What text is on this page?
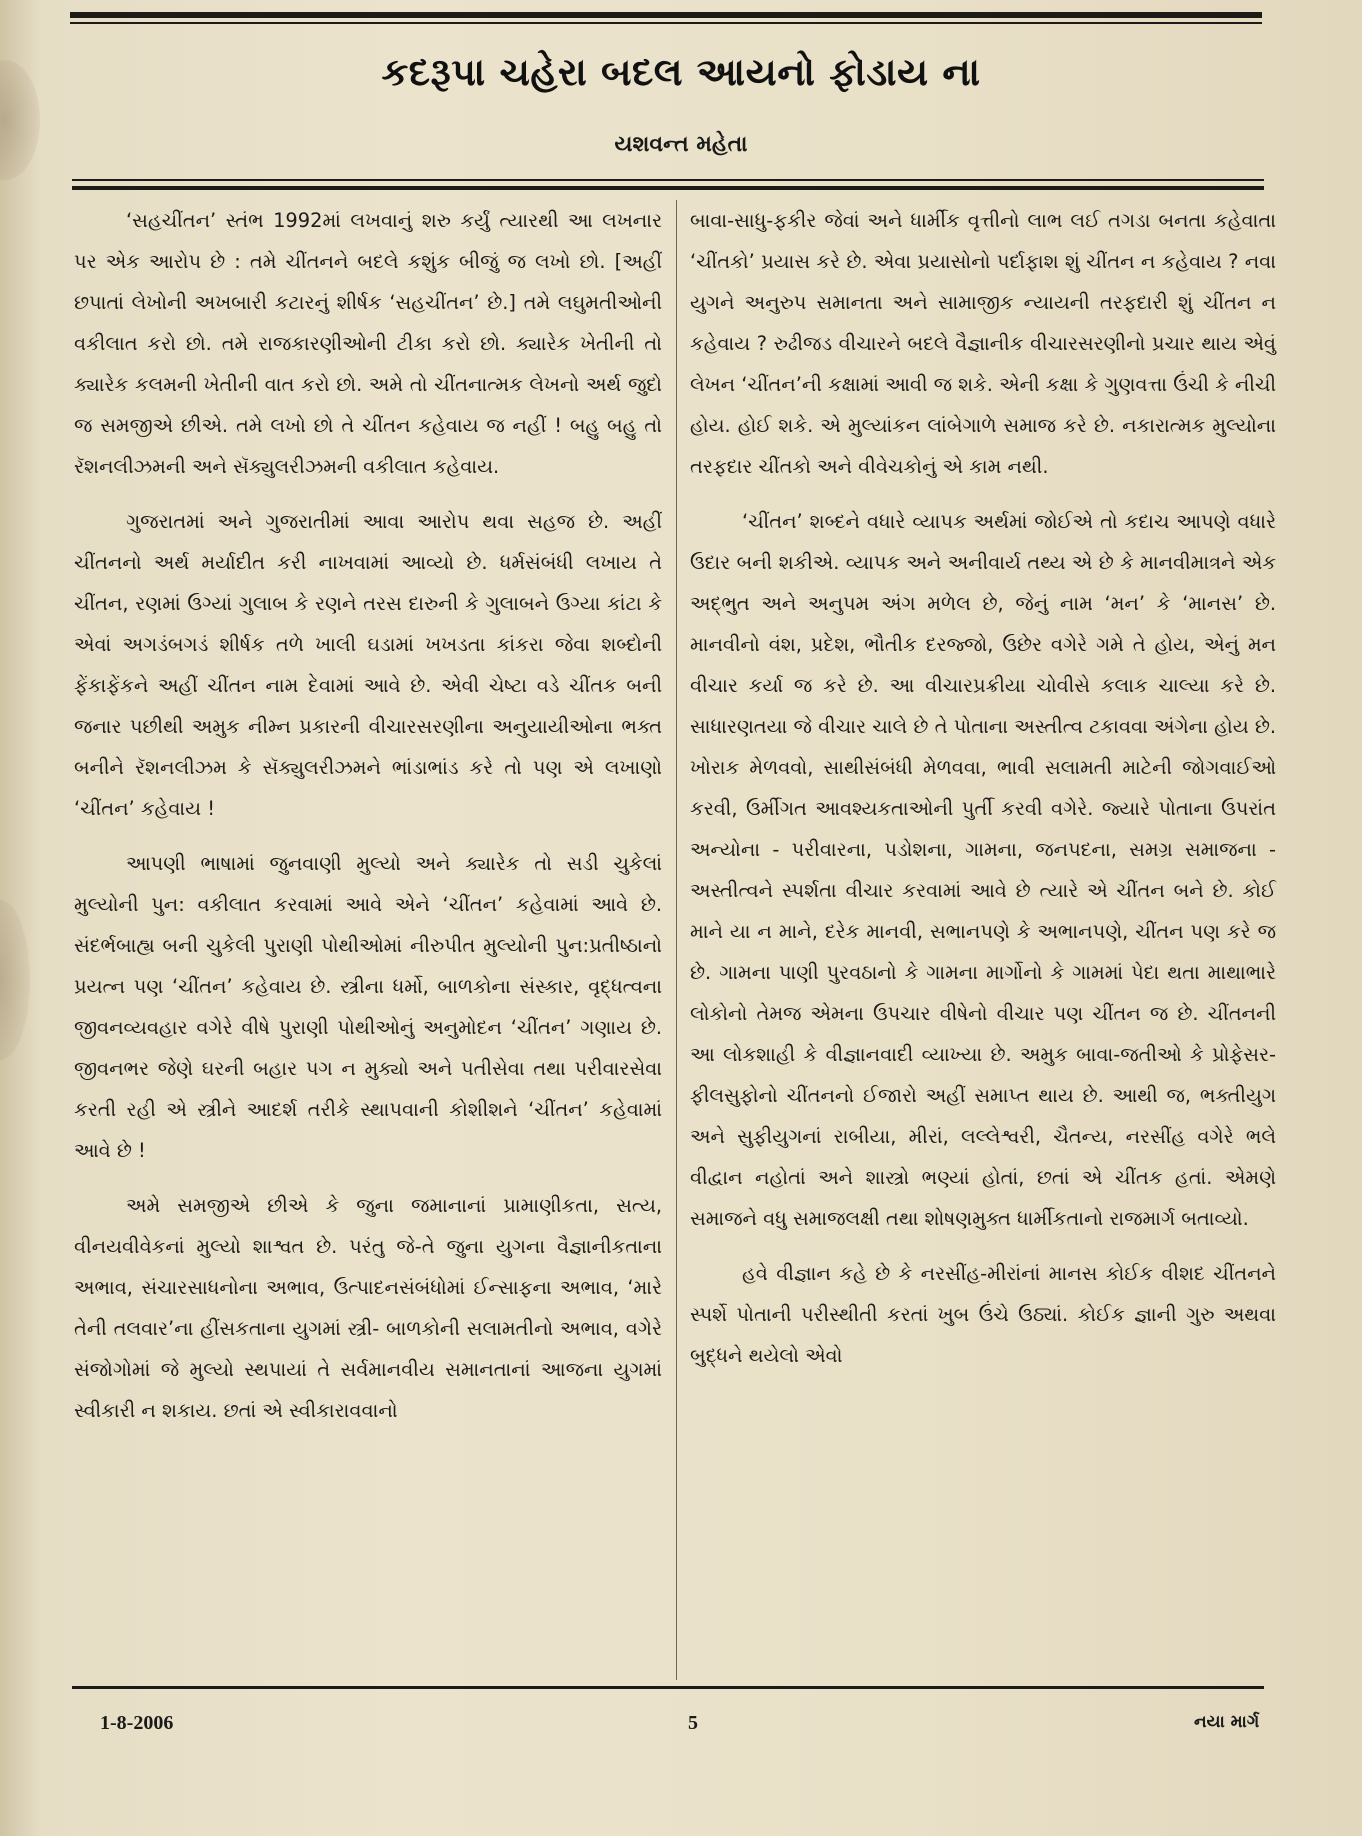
કદરૂપા ચહેરા બદલ આયનો ફોડાય ના
યશવન્ત મહેતા

‘સહચીંતન’ સ્તંભ 1992માં લખવાનું શરુ કર્યું ત્યારથી આ લખનાર પર એક આરોપ છે : તમે ચીંતનને બદલે કશુંક બીજું જ લખો છો. [અહીં છપાતાં લેખોની અખબારી કટારનું શીર્ષક ‘સહચીંતન’ છે.] તમે લઘુમતીઓની વકીલાત કરો છો. તમે રાજકારણીઓની ટીકા કરો છો. ક્યારેક ખેતીની તો ક્યારેક કલમની ખેતીની વાત કરો છો. અમે તો ચીંતનાત્મક લેખનો અર્થ જુદો જ સમજીએ છીએ. તમે લખો છો તે ચીંતન કહેવાય જ નહીં ! બહુ બહુ તો રૅશનલીઝમની અને સૅક્યુલરીઝમની વકીલાત કહેવાય.

ગુજરાતમાં અને ગુજરાતીમાં આવા આરોપ થવા સહજ છે. અહીં ચીંતનનો અર્થ મર્યાદીત કરી નાખવામાં આવ્યો છે. ધર્મસંબંધી લખાય તે ચીંતન, રણમાં ઉગ્યાં ગુલાબ કે રણને તરસ દારુની કે ગુલાબને ઉગ્યા કાંટા કે એવાં અગડંબગડં શીર્ષક તળે ખાલી ઘડામાં ખખડતા કાંકરા જેવા શબ્દોની ફેંકાફેંકને અહીં ચીંતન નામ દેવામાં આવે છે. એવી ચેષ્ટા વડે ચીંતક બની જનાર પછીથી અમુક નીમ્ન પ્રકારની વીચારસરણીના અનુયાયીઓના ભક્ત બનીને રૅશનલીઝમ કે સૅક્યુલરીઝમને ભાંડાભાંડ કરે તો પણ એ લખાણો ‘ચીંતન’ કહેવાય !

આપણી ભાષામાં જુનવાણી મુલ્યો અને ક્યારેક તો સડી ચુકેલાં મુલ્યોની પુન: વકીલાત કરવામાં આવે એને ‘ચીંતન’ કહેવામાં આવે છે. સંદર્ભબાહ્ય બની ચુકેલી પુરાણી પોથીઓમાં નીરુપીત મુલ્યોની પુન:પ્રતીષ્ઠાનો પ્રયત્ન પણ ‘ચીંતન’ કહેવાય છે. સ્ત્રીના ધર્મો, બાળકોના સંસ્કાર, વૃદ્ધત્વના જીવનવ્યવહાર વગેરે વીષે પુરાણી પોથીઓનું અનુમોદન ‘ચીંતન’ ગણાય છે. જીવનભર જેણે ઘરની બહાર પગ ન મુક્યો અને પતીસેવા તથા પરીવારસેવા કરતી રહી એ સ્ત્રીને આદર્શ તરીકે સ્થાપવાની કોશીશને ‘ચીંતન’ કહેવામાં આવે છે !

અમે સમજીએ છીએ કે જુના જમાનાનાં પ્રામાણીકતા, સત્ય, વીનયવીવેકનાં મુલ્યો શાશ્વત છે. પરંતુ જે-તે જુના યુગના વૈજ્ઞાનીકતાના અભાવ, સંચારસાધનોના અભાવ, ઉત્પાદનસંબંધોમાં ઈન્સાફના અભાવ, ‘મારે તેની તલવાર’ના હીંસકતાના યુગમાં સ્ત્રી- બાળકોની સલામતીનો અભાવ, વગેરે સંજોગોમાં જે મુલ્યો સ્થપાયાં તે સર્વમાનવીય સમાનતાનાં આજના યુગમાં સ્વીકારી ન શકાય. છતાં એ સ્વીકારાવવાનો

બાવા-સાધુ-ફકીર જેવાં અને ધાર્મીક વૃત્તીનો લાભ લઈ તગડા બનતા કહેવાતા ‘ચીંતકો’ પ્રયાસ કરે છે. એવા પ્રયાસોનો પર્દાફાશ શું ચીંતન ન કહેવાય ? નવા યુગને અનુરુપ સમાનતા અને સામાજીક ન્યાયની તરફદારી શું ચીંતન ન કહેવાય ? રુઢીજડ વીચારને બદલે વૈજ્ઞાનીક વીચારસરણીનો પ્રચાર થાય એવું લેખન ‘ચીંતન’ની કક્ષામાં આવી જ શકે. એની કક્ષા કે ગુણવત્તા ઉંચી કે નીચી હોય. હોઈ શકે. એ મુલ્યાંકન લાંબેગાળે સમાજ કરે છે. નકારાત્મક મુલ્યોના તરફદાર ચીંતકો અને વીવેચકોનું એ કામ નથી.

‘ચીંતન’ શબ્દને વધારે વ્યાપક અર્થમાં જોઈએ તો કદાચ આપણે વધારે ઉદાર બની શકીએ. વ્યાપક અને અનીવાર્ય તથ્ય એ છે કે માનવીમાત્રને એક અદ્ભુત અને અનુપમ અંગ મળેલ છે, જેનું નામ ‘મન’ કે ‘માનસ’ છે. માનવીનો વંશ, પ્રદેશ, ભૌતીક દરજ્જો, ઉછેર વગેરે ગમે તે હોય, એનું મન વીચાર કર્યા જ કરે છે. આ વીચારપ્રક્રીયા ચોવીસે કલાક ચાલ્યા કરે છે. સાધારણતયા જે વીચાર ચાલે છે તે પોતાના અસ્તીત્વ ટકાવવા અંગેના હોય છે. ખોરાક મેળવવો, સાથીસંબંધી મેળવવા, ભાવી સલામતી માટેની જોગવાઈઓ કરવી, ઉર્મીગત આવશ્યકતાઓની પુર્તી કરવી વગેરે. જ્યારે પોતાના ઉપરાંત અન્યોના - પરીવારના, પડોશના, ગામના, જનપદના, સમગ્ર સમાજના - અસ્તીત્વને સ્પર્શતા વીચાર કરવામાં આવે છે ત્યારે એ ચીંતન બને છે. કોઈ માને યા ન માને, દરેક માનવી, સભાનપણે કે અભાનપણે, ચીંતન પણ કરે જ છે. ગામના પાણી પુરવઠાનો કે ગામના માર્ગોનો કે ગામમાં પેદા થતા માથાભારે લોકોનો તેમજ એમના ઉપચાર વીષેનો વીચાર પણ ચીંતન જ છે. ચીંતનની આ લોકશાહી કે વીજ્ઞાનવાદી વ્યાખ્યા છે. અમુક બાવા-જતીઓ કે પ્રોફેસર-ફીલસુફોનો ચીંતનનો ઈજારો અહીં સમાપ્ત થાય છે. આથી જ, ભક્તીયુગ અને સુફીયુગનાં રાબીયા, મીરાં, લલ્લેશ્વરી, ચૈતન્ય, નરસીંહ વગેરે ભલે વીદ્વાન નહોતાં અને શાસ્ત્રો ભણ્યાં હોતાં, છતાં એ ચીંતક હતાં. એમણે સમાજને વધુ સમાજલક્ષી તથા શોષણમુક્ત ધાર્મીકતાનો રાજમાર્ગ બતાવ્યો.

હવે વીજ્ઞાન કહે છે કે નરસીંહ-મીરાંનાં માનસ કોઈક વીશદ ચીંતનને સ્પર્શે પોતાની પરીસ્થીતી કરતાં ખુબ ઉંચે ઉઠ્યાં. કોઈક જ્ઞાની ગુરુ અથવા બુદ્ધને થયેલો એવો

1-8-2006	5	નયા માર્ગ
